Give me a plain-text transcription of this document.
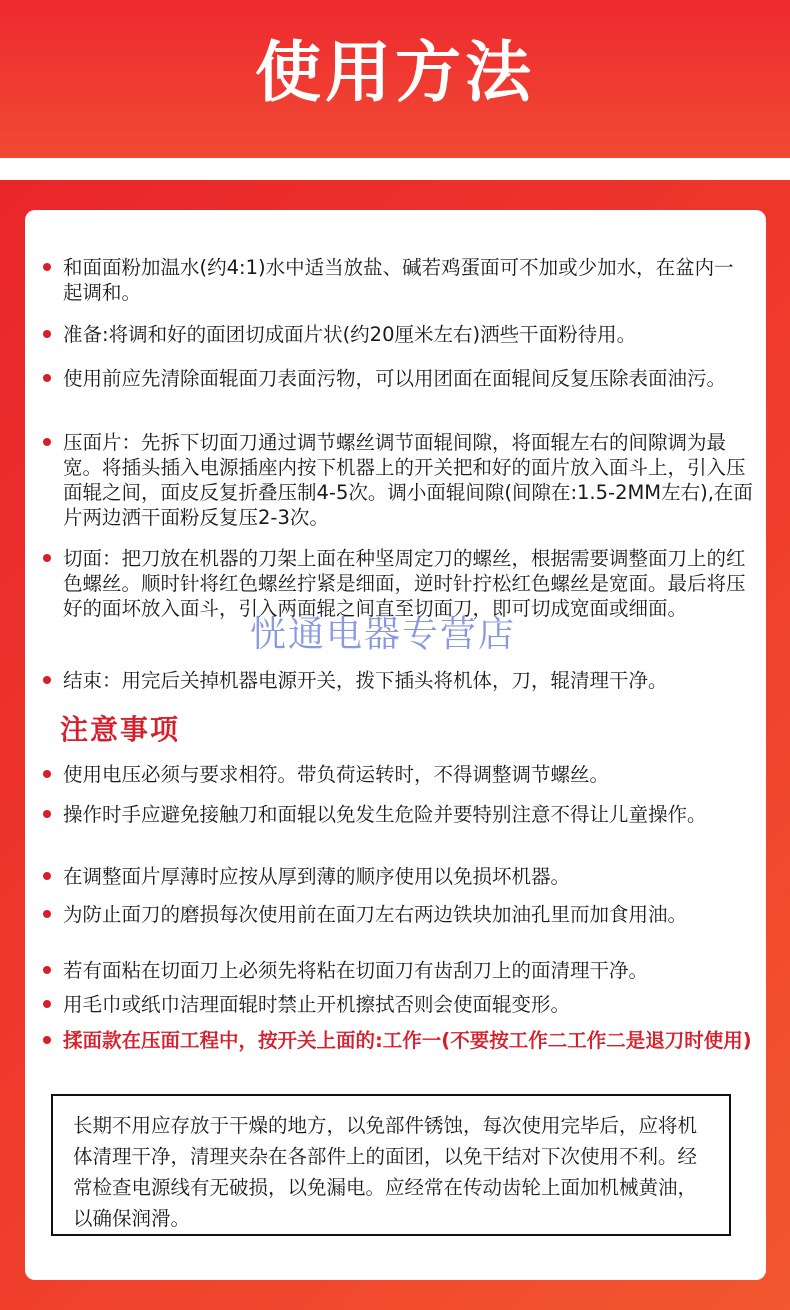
使用方法
和面面粉加温水(约4:1)水中适当放盐、碱若鸡蛋面可不加或少加水，在盆内一起调和。
准备:将调和好的面团切成面片状(约20厘米左右)洒些干面粉待用。
使用前应先清除面辊面刀表面污物，可以用团面在面辊间反复压除表面油污。
压面片：先拆下切面刀通过调节螺丝调节面辊间隙，将面辊左右的间隙调为最宽。将插头插入电源插座内按下机器上的开关把和好的面片放入面斗上，引入压面辊之间，面皮反复折叠压制4-5次。调小面辊间隙(间隙在:1.5-2MM左右),在面片两边洒干面粉反复压2-3次。
切面：把刀放在机器的刀架上面在种坚周定刀的螺丝，根据需要调整面刀上的红色螺丝。顺时针将红色螺丝拧紧是细面，逆时针拧松红色螺丝是宽面。最后将压好的面坏放入面斗，引入两面辊之间直至切面刀，即可切成宽面或细面。
结束：用完后关掉机器电源开关，拨下插头将机体，刀，辊清理干净。
恍通电器专营店
注意事项
使用电压必须与要求相符。带负荷运转时，不得调整调节螺丝。
操作时手应避免接触刀和面辊以免发生危险并要特别注意不得让儿童操作。
在调整面片厚薄时应按从厚到薄的顺序使用以免损坏机器。
为防止面刀的磨损每次使用前在面刀左右两边铁块加油孔里而加食用油。
若有面粘在切面刀上必须先将粘在切面刀有齿刮刀上的面清理干净。
用毛巾或纸巾洁理面辊时禁止开机擦拭否则会使面辊变形。
揉面款在压面工程中，按开关上面的:工作一(不要按工作二工作二是退刀时使用)
长期不用应存放于干燥的地方，以免部件锈蚀，每次使用完毕后，应将机体清理干净，清理夹杂在各部件上的面团，以免干结对下次使用不利。经常检查电源线有无破损，以免漏电。应经常在传动齿轮上面加机械黄油，以确保润滑。
